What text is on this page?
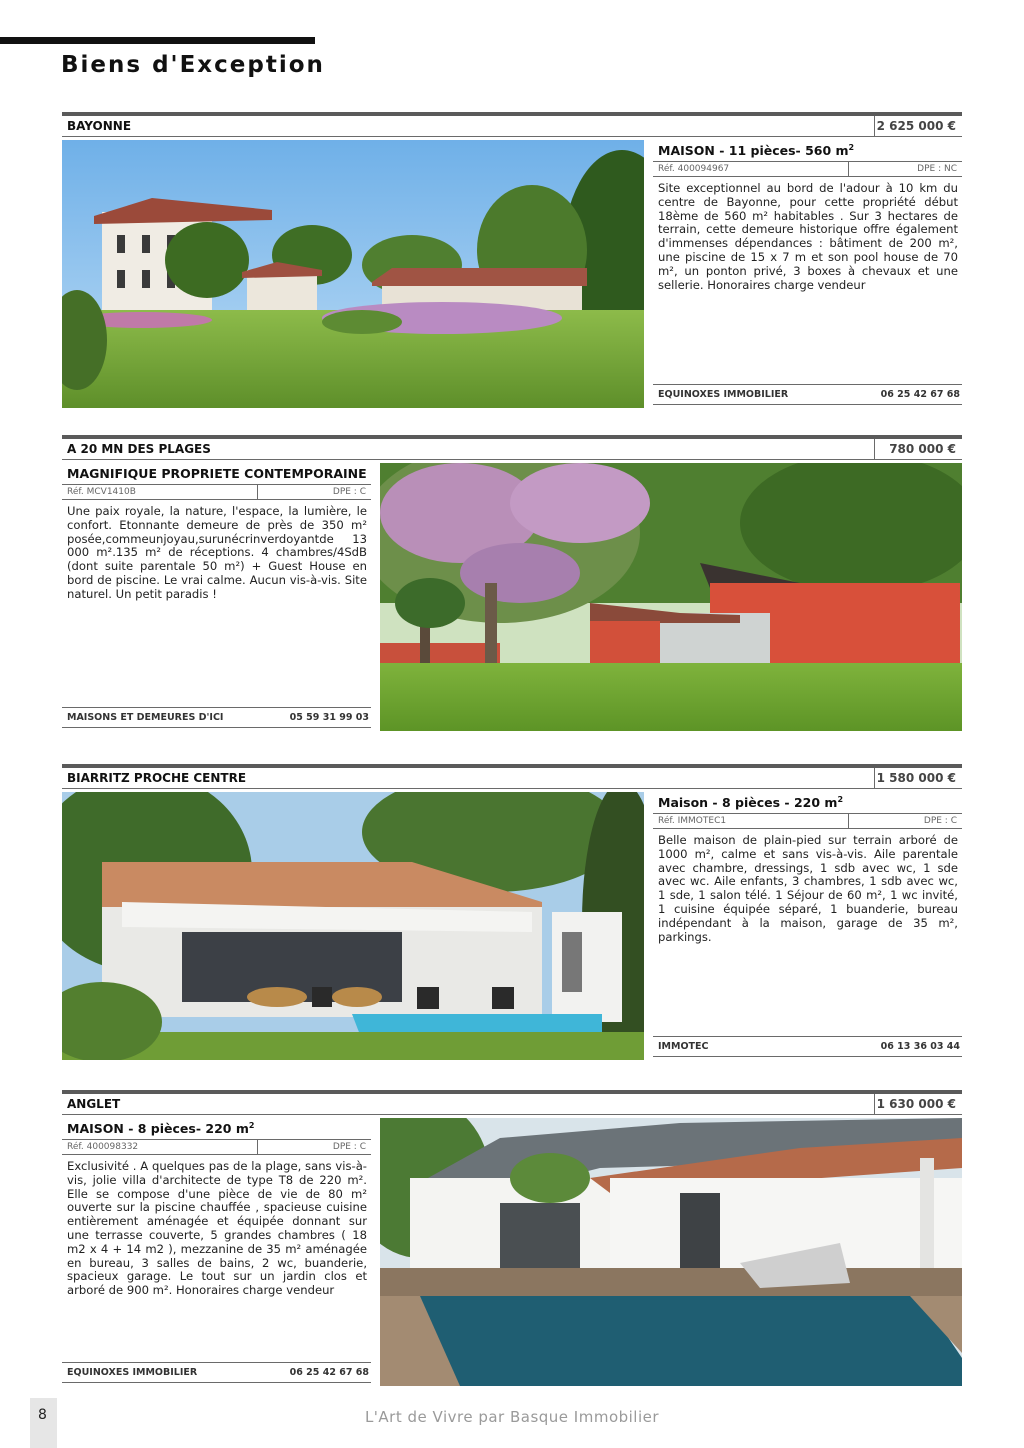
Biens d'Exception
BAYONNE	2 625 000 €
MAISON - 11 pièces- 560 $m^2$
Réf. 400094967	DPE : NC
Site exceptionnel au bord de l'adour à 10 km du centre de Bayonne, pour cette propriété début 18ème de 560 m² habitables . Sur 3 hectares de terrain, cette demeure historique offre également d'immenses dépendances : bâtiment de 200 m², une piscine de 15 x 7 m et son pool house de 70 m², un ponton privé, 3 boxes à chevaux et une sellerie. Honoraires charge vendeur
EQUINOXES IMMOBILIER	06 25 42 67 68
A 20 MN DES PLAGES	780 000 €
MAGNIFIQUE PROPRIETE CONTEMPORAINE
Réf. MCV1410B	DPE : C
Une paix royale, la nature, l'espace, la lumière, le confort. Etonnante demeure de près de 350 m² posée,commeunjoyau,surunécrinverdoyantde 13 000 m².135 m² de réceptions. 4 chambres/4SdB (dont suite parentale 50 m²) + Guest House en bord de piscine. Le vrai calme. Aucun vis-à-vis. Site naturel. Un petit paradis !
MAISONS ET DEMEURES D'ICI	05 59 31 99 03
BIARRITZ PROCHE CENTRE	1 580 000 €
Maison - 8 pièces - 220 $m^2$
Réf. IMMOTEC1	DPE : C
Belle maison de plain-pied sur terrain arboré de 1000 m², calme et sans vis-à-vis. Aile parentale avec chambre, dressings, 1 sdb avec wc, 1 sde avec wc. Aile enfants, 3 chambres, 1 sdb avec wc, 1 sde, 1 salon télé. 1 Séjour de 60 m², 1 wc invité, 1 cuisine équipée séparé, 1 buanderie, bureau indépendant à la maison, garage de 35 m², parkings.
IMMOTEC	06 13 36 03 44
ANGLET	1 630 000 €
MAISON - 8 pièces- 220 $m^2$
Réf. 400098332	DPE : C
Exclusivité . A quelques pas de la plage, sans vis-à-vis, jolie villa d'architecte de type T8 de 220 m². Elle se compose d'une pièce de vie de 80 m² ouverte sur la piscine chauffée , spacieuse cuisine entièrement aménagée et équipée donnant sur une terrasse couverte, 5 grandes chambres ( 18 m2 x 4 + 14 m2 ), mezzanine de 35 m² aménagée en bureau, 3 salles de bains, 2 wc, buanderie, spacieux garage. Le tout sur un jardin clos et arboré de 900 m². Honoraires charge vendeur
EQUINOXES IMMOBILIER	06 25 42 67 68
8	L'Art de Vivre par Basque Immobilier
